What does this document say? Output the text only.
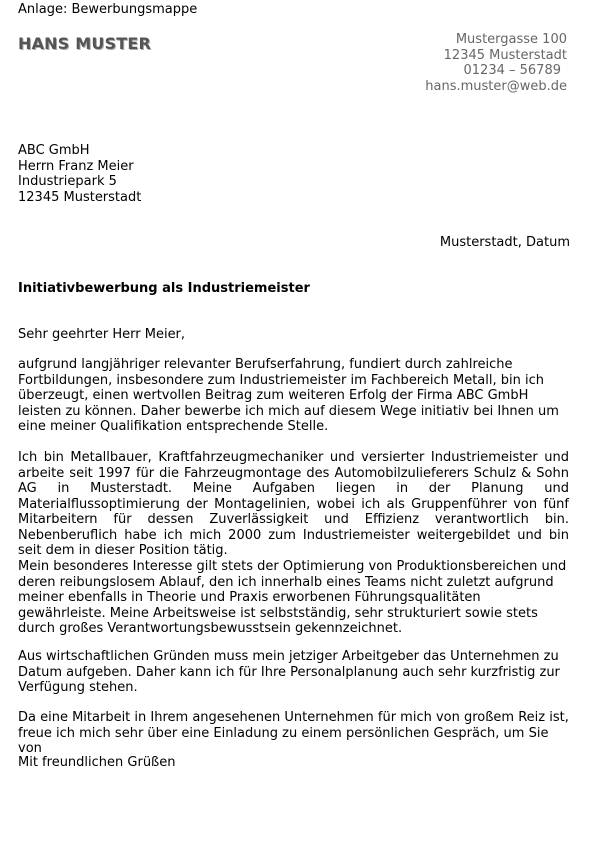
Anlage: Bewerbungsmappe
HANS MUSTER	Mustergasse 100
12345 Musterstadt
01234 – 56789
hans.muster@web.de
ABC GmbH
Herrn Franz Meier
Industriepark 5
12345 Musterstadt
Musterstadt, Datum
Initiativbewerbung als Industriemeister
Sehr geehrter Herr Meier,
aufgrund langjähriger relevanter Berufserfahrung, fundiert durch zahlreiche Fortbildungen, insbesondere zum Industriemeister im Fachbereich Metall, bin ich überzeugt, einen wertvollen Beitrag zum weiteren Erfolg der Firma ABC GmbH leisten zu können. Daher bewerbe ich mich auf diesem Wege initiativ bei Ihnen um eine meiner Qualifikation entsprechende Stelle.
Ich bin Metallbauer, Kraftfahrzeugmechaniker und versierter Industriemeister und arbeite seit 1997 für die Fahrzeugmontage des Automobilzulieferers Schulz & Sohn AG in Musterstadt. Meine Aufgaben liegen in der Planung und Materialflussoptimierung der Montagelinien, wobei ich als Gruppenführer von fünf Mitarbeitern für dessen Zuverlässigkeit und Effizienz verantwortlich bin. Nebenberuflich habe ich mich 2000 zum Industriemeister weitergebildet und bin seit dem in dieser Position tätig.
Mein besonderes Interesse gilt stets der Optimierung von Produktionsbereichen und deren reibungslosem Ablauf, den ich innerhalb eines Teams nicht zuletzt aufgrund meiner ebenfalls in Theorie und Praxis erworbenen Führungsqualitäten gewährleiste. Meine Arbeitsweise ist selbstständig, sehr strukturiert sowie stets durch großes Verantwortungsbewusstsein gekennzeichnet.
Aus wirtschaftlichen Gründen muss mein jetziger Arbeitgeber das Unternehmen zu Datum aufgeben. Daher kann ich für Ihre Personalplanung auch sehr kurzfristig zur Verfügung stehen.
Da eine Mitarbeit in Ihrem angesehenen Unternehmen für mich von großem Reiz ist, freue ich mich sehr über eine Einladung zu einem persönlichen Gespräch, um Sie von
Mit freundlichen Grüßen
